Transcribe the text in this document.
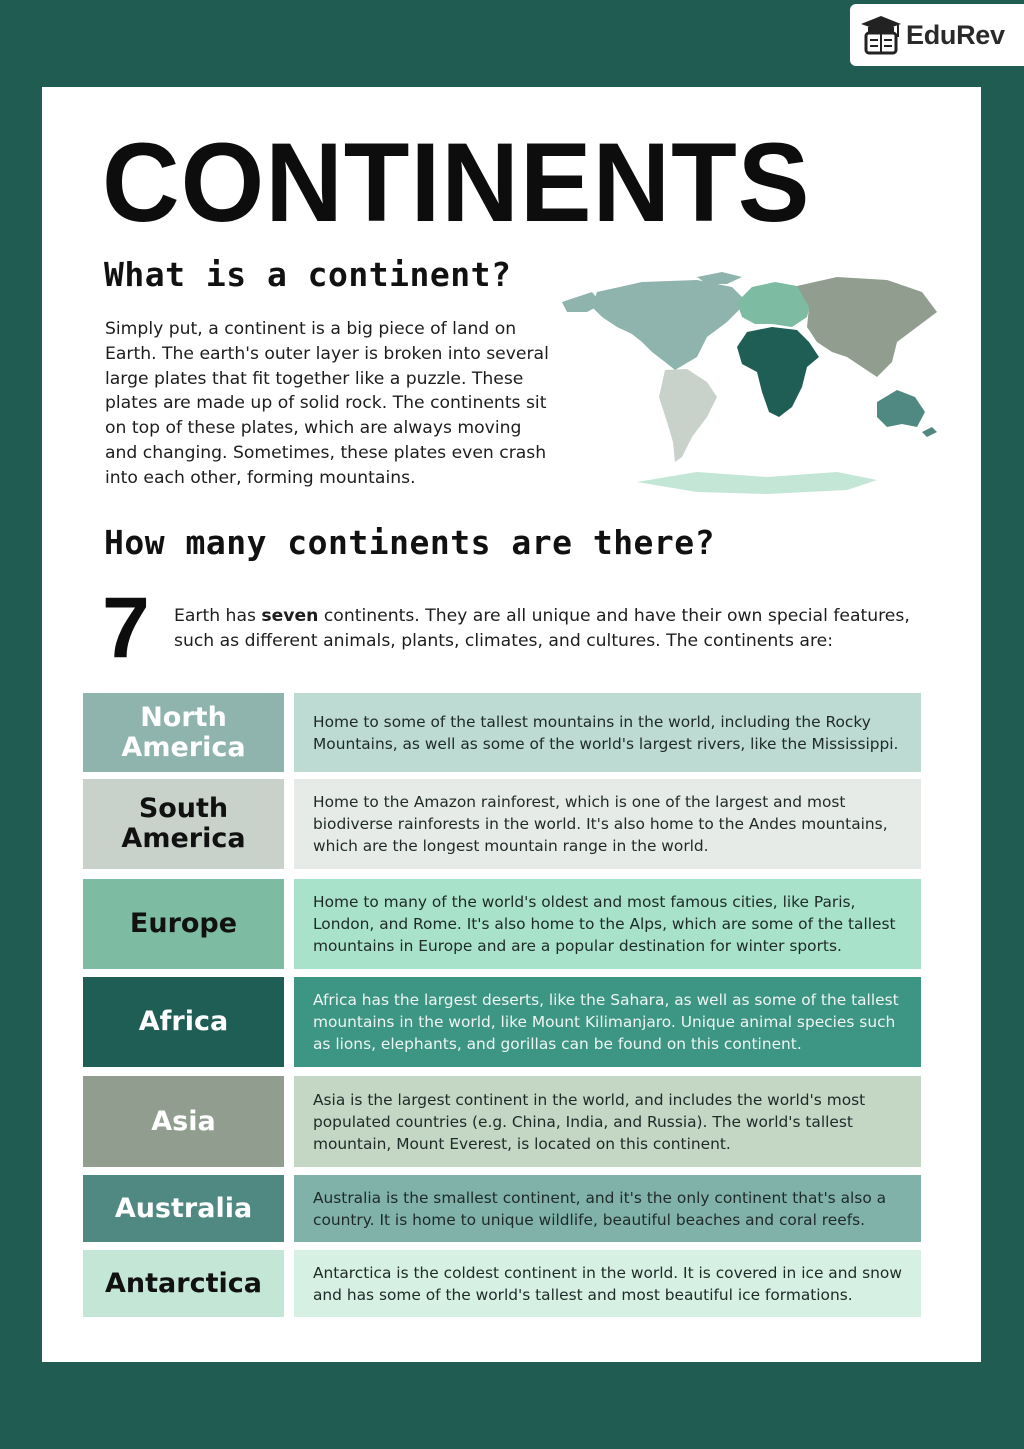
EduRev
CONTINENTS
What is a continent?

Simply put, a continent is a big piece of land on Earth. The earth's outer layer is broken into several large plates that fit together like a puzzle. These plates are made up of solid rock. The continents sit on top of these plates, which are always moving and changing. Sometimes, these plates even crash into each other, forming mountains.

How many continents are there?
7 Earth has seven continents. They are all unique and have their own special features, such as different animals, plants, climates, and cultures. The continents are:

North America
Home to some of the tallest mountains in the world, including the Rocky Mountains, as well as some of the world's largest rivers, like the Mississippi.
South America
Home to the Amazon rainforest, which is one of the largest and most biodiverse rainforests in the world. It's also home to the Andes mountains, which are the longest mountain range in the world.
Europe
Home to many of the world's oldest and most famous cities, like Paris, London, and Rome. It's also home to the Alps, which are some of the tallest mountains in Europe and are a popular destination for winter sports.
Africa
Africa has the largest deserts, like the Sahara, as well as some of the tallest mountains in the world, like Mount Kilimanjaro. Unique animal species such as lions, elephants, and gorillas can be found on this continent.
Asia
Asia is the largest continent in the world, and includes the world's most populated countries (e.g. China, India, and Russia). The world's tallest mountain, Mount Everest, is located on this continent.
Australia	Australia is the smallest continent, and it's the only continent that's also a country. It is home to unique wildlife, beautiful beaches and coral reefs.
Antarctica	Antarctica is the coldest continent in the world. It is covered in ice and snow and has some of the world's tallest and most beautiful ice formations.
